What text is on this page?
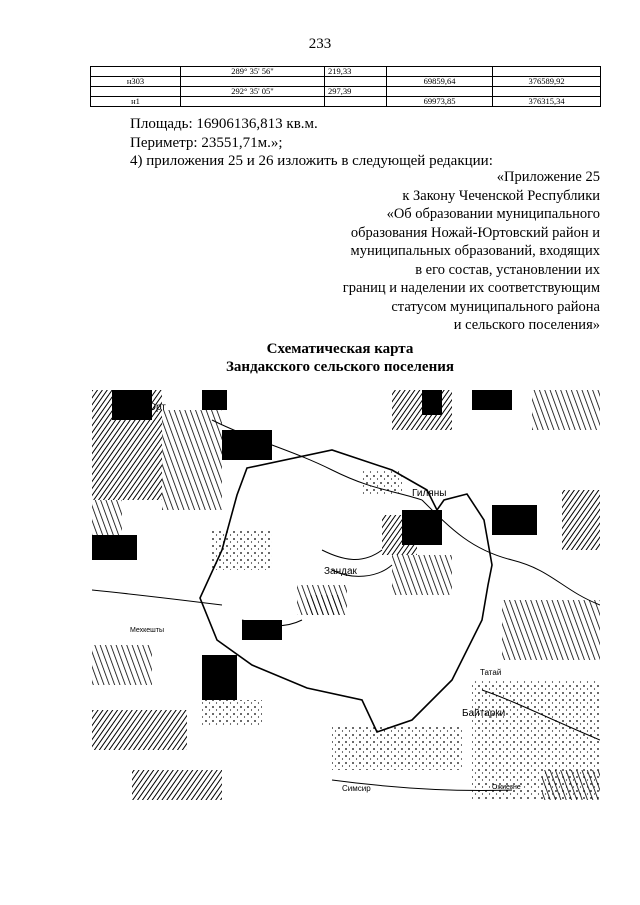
233
	289° 35' 56"	219,33		
н303			69859,64	376589,92
	292° 35' 05"	297,39		
н1			69973,85	376315,34
Площадь: 16906136,813 кв.м.
Периметр: 23551,71м.»;
4) приложения 25 и 26 изложить в следующей редакции:
«Приложение 25
к Закону Чеченской Республики
«Об образовании муниципального
образования Ножай-Юртовский район и
муниципальных образований, входящих
в его состав, установлении их
границ и наделении их соответствующим
статусом муниципального района
и сельского поселения»
Схематическая карта
Зандакского сельского поселения
Ножай-Юрт
Гиляны
Зандак
Байтарки
Татай
Мехкешты
Симсир	Ожиезне
